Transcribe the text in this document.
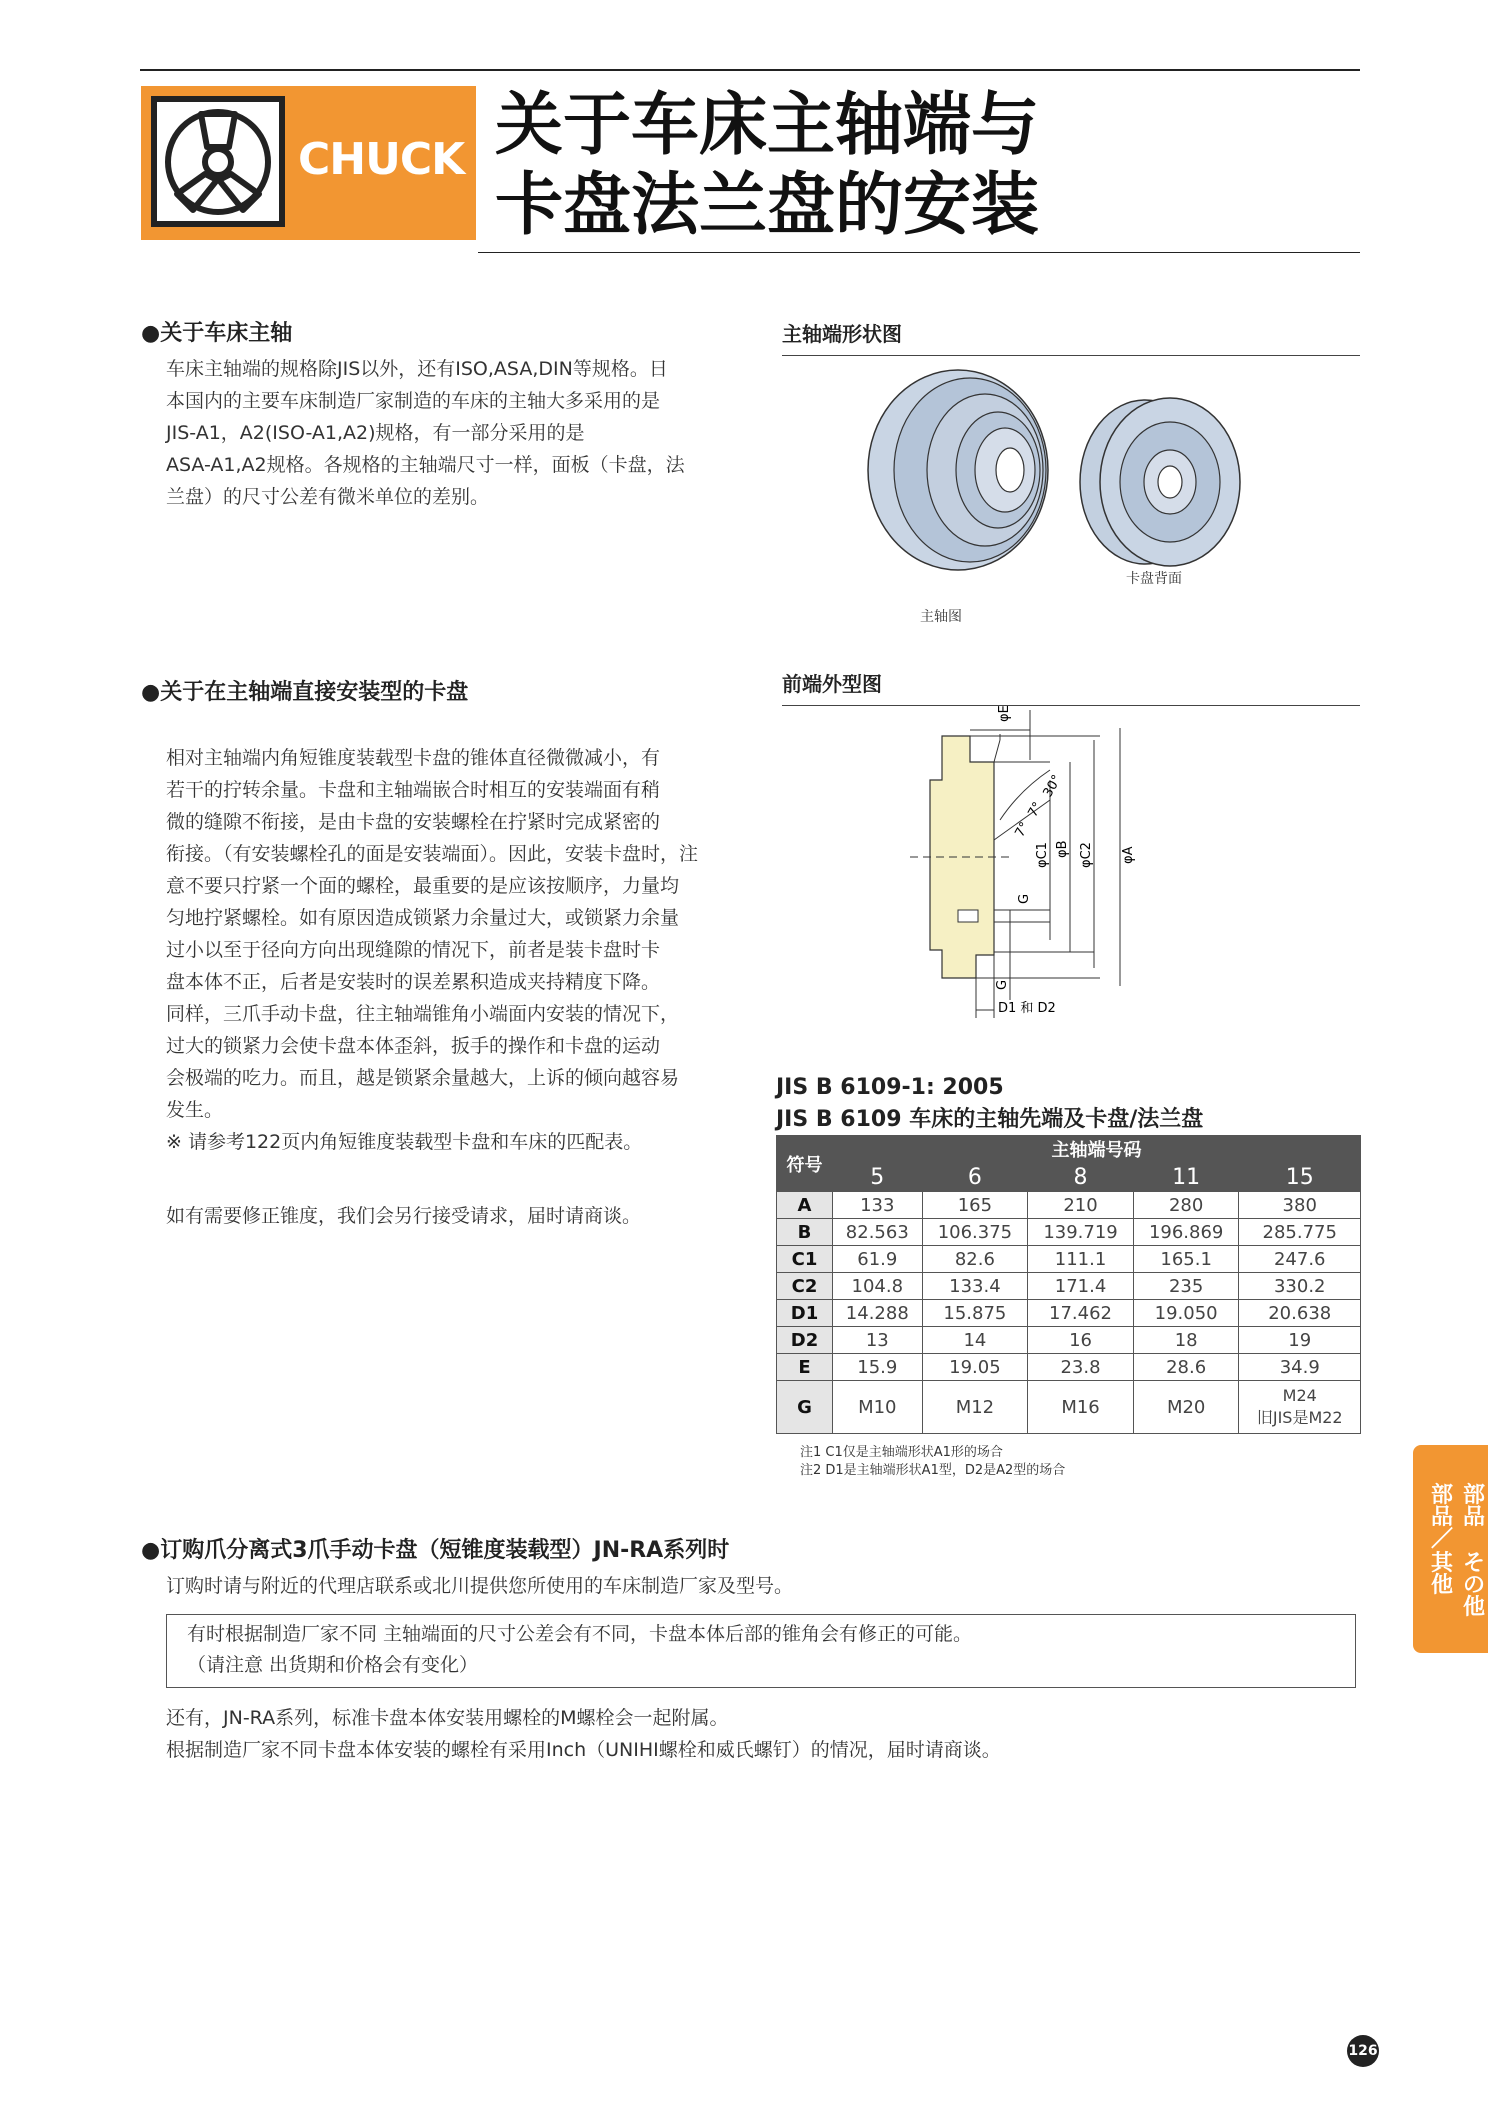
CHUCK 关于车床主轴端与
卡盘法兰盘的安装
●关于车床主轴

车床主轴端的规格除JIS以外，还有ISO,ASA,DIN等规格。日

本国内的主要车床制造厂家制造的车床的主轴大多采用的是

JIS-A1，A2(ISO-A1,A2)规格，有一部分采用的是

ASA-A1,A2规格。各规格的主轴端尺寸一样，面板（卡盘，法

兰盘）的尺寸公差有微米单位的差别。

主轴端形状图
卡盘背面
主轴图
●关于在主轴端直接安装型的卡盘

相对主轴端内角短锥度装载型卡盘的锥体直径微微减小，有

若干的拧转余量。卡盘和主轴端嵌合时相互的安装端面有稍

微的缝隙不衔接，是由卡盘的安装螺栓在拧紧时完成紧密的

衔接。（有安装螺栓孔的面是安装端面）。因此，安装卡盘时，注

意不要只拧紧一个面的螺栓，最重要的是应该按顺序，力量均

匀地拧紧螺栓。如有原因造成锁紧力余量过大，或锁紧力余量

过小以至于径向方向出现缝隙的情况下，前者是装卡盘时卡

盘本体不正，后者是安装时的误差累积造成夹持精度下降。

同样，三爪手动卡盘，往主轴端锥角小端面内安装的情况下，

过大的锁紧力会使卡盘本体歪斜，扳手的操作和卡盘的运动

会极端的吃力。而且，越是锁紧余量越大，上诉的倾向越容易

发生。

※ 请参考122页内角短锥度装载型卡盘和车床的匹配表。

如有需要修正锥度，我们会另行接受请求，届时请商谈。
前端外型图
φE
7°
7°
30°
φC1 φB φC2 φA
G
G
D1 和 D2
JIS B 6109-1: 2005
JIS B 6109 车床的主轴先端及卡盘/法兰盘
符号	主轴端号码				
	5	6	8	11	15
A	133	165	210	280	380
B	82.563	106.375	139.719	196.869	285.775
C1	61.9	82.6	111.1	165.1	247.6
C2	104.8	133.4	171.4	235	330.2
D1	14.288	15.875	17.462	19.050	20.638
D2	13	14	16	18	19
E	15.9	19.05	23.8	28.6	34.9
G	M10	M12	M16	M20	M24
旧JIS是M22
注1 C1仅是主轴端形状A1形的场合
注2 D1是主轴端形状A1型，D2是A2型的场合
●订购爪分离式3爪手动卡盘（短锥度装载型）JN-RA系列时
订购时请与附近的代理店联系或北川提供您所使用的车床制造厂家及型号。
有时根据制造厂家不同 主轴端面的尺寸公差会有不同，卡盘本体后部的锥角会有修正的可能。
（请注意 出货期和价格会有变化）

还有，JN-RA系列，标准卡盘本体安装用螺栓的M螺栓会一起附属。

根据制造厂家不同卡盘本体安装的螺栓有采用Inch（UNIHI螺栓和威氏螺钉）的情况，届时请商谈。

部品・
その他
部品／
其他
126
